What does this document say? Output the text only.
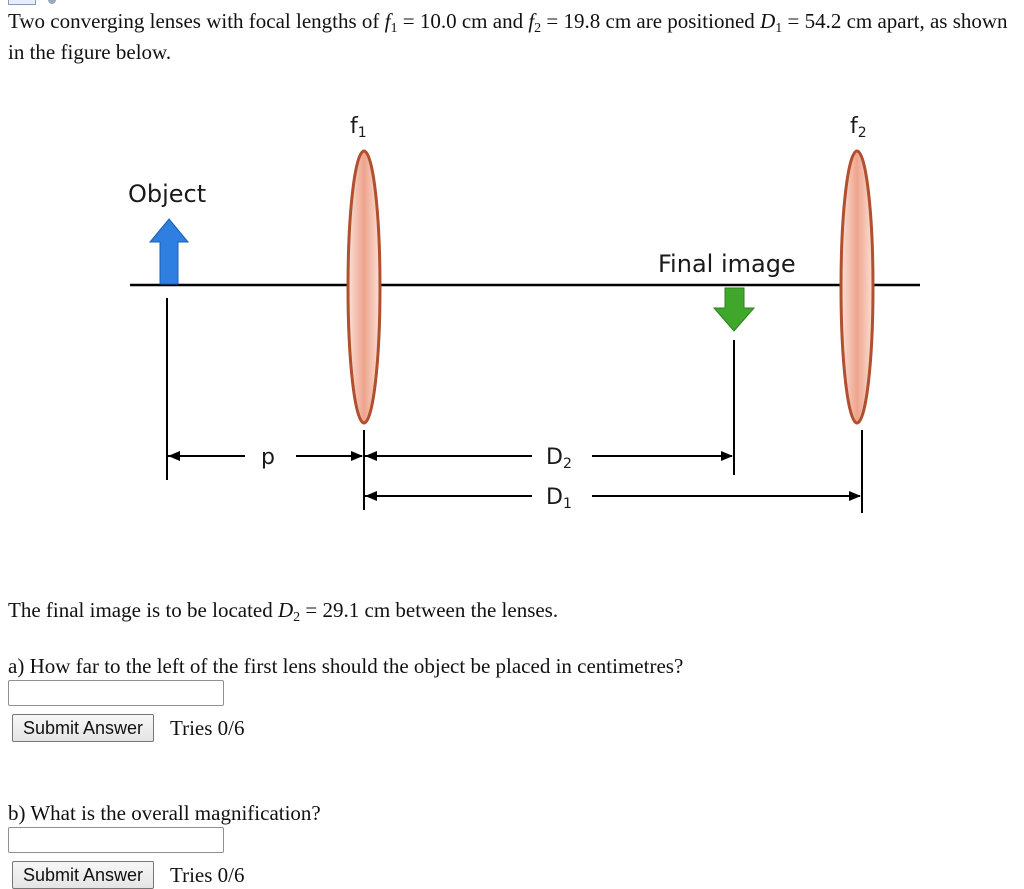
Two converging lenses with focal lengths of $f_1 = 10.0$ cm and $f_2 = 19.8$ cm are positioned $D_1 = 54.2$ cm apart, as shown in the figure below.
f1	f2
Object
Final image
p	D2
D1
The final image is to be located $D_2 = 29.1$ cm between the lenses.
a) How far to the left of the first lens should the object be placed in centimetres?
Submit Answer	Tries 0/6
b) What is the overall magnification?
Submit Answer	Tries 0/6
